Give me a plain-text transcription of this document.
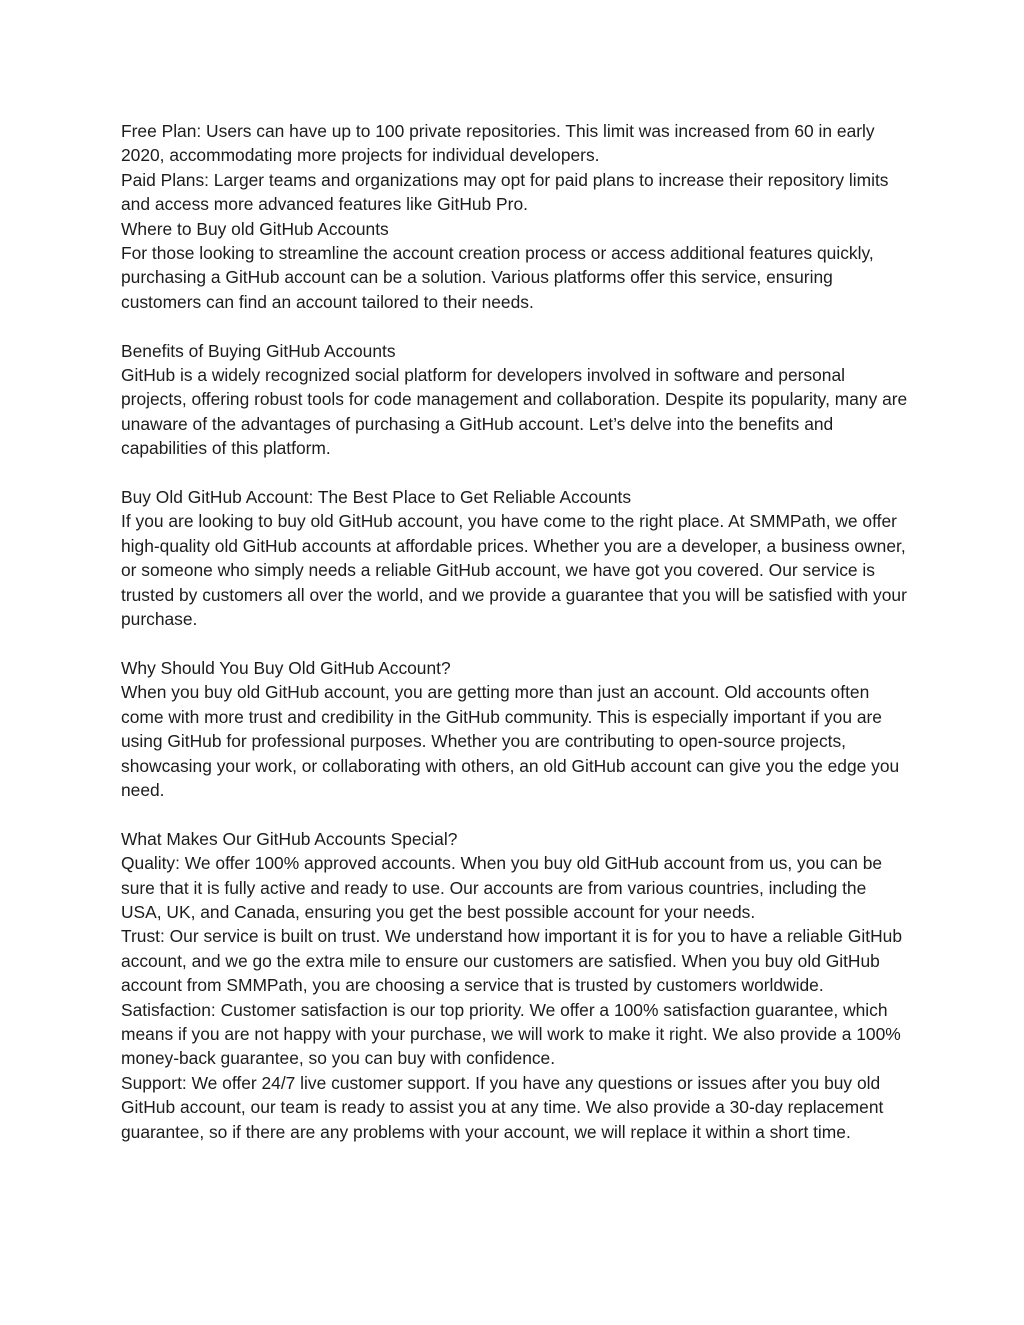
Free Plan: Users can have up to 100 private repositories. This limit was increased from 60 in early 2020, accommodating more projects for individual developers.

Paid Plans: Larger teams and organizations may opt for paid plans to increase their repository limits and access more advanced features like GitHub Pro.

Where to Buy old GitHub Accounts

For those looking to streamline the account creation process or access additional features quickly, purchasing a GitHub account can be a solution. Various platforms offer this service, ensuring customers can find an account tailored to their needs.

Benefits of Buying GitHub Accounts

GitHub is a widely recognized social platform for developers involved in software and personal projects, offering robust tools for code management and collaboration. Despite its popularity, many are unaware of the advantages of purchasing a GitHub account. Let’s delve into the benefits and capabilities of this platform.

Buy Old GitHub Account: The Best Place to Get Reliable Accounts

If you are looking to buy old GitHub account, you have come to the right place. At SMMPath, we offer high-quality old GitHub accounts at affordable prices. Whether you are a developer, a business owner, or someone who simply needs a reliable GitHub account, we have got you covered. Our service is trusted by customers all over the world, and we provide a guarantee that you will be satisfied with your purchase.

Why Should You Buy Old GitHub Account?

When you buy old GitHub account, you are getting more than just an account. Old accounts often come with more trust and credibility in the GitHub community. This is especially important if you are using GitHub for professional purposes. Whether you are contributing to open-source projects, showcasing your work, or collaborating with others, an old GitHub account can give you the edge you need.

What Makes Our GitHub Accounts Special?

Quality: We offer 100% approved accounts. When you buy old GitHub account from us, you can be sure that it is fully active and ready to use. Our accounts are from various countries, including the USA, UK, and Canada, ensuring you get the best possible account for your needs.

Trust: Our service is built on trust. We understand how important it is for you to have a reliable GitHub account, and we go the extra mile to ensure our customers are satisfied. When you buy old GitHub account from SMMPath, you are choosing a service that is trusted by customers worldwide.

Satisfaction: Customer satisfaction is our top priority. We offer a 100% satisfaction guarantee, which means if you are not happy with your purchase, we will work to make it right. We also provide a 100% money-back guarantee, so you can buy with confidence.

Support: We offer 24/7 live customer support. If you have any questions or issues after you buy old GitHub account, our team is ready to assist you at any time. We also provide a 30-day replacement guarantee, so if there are any problems with your account, we will replace it within a short time.
